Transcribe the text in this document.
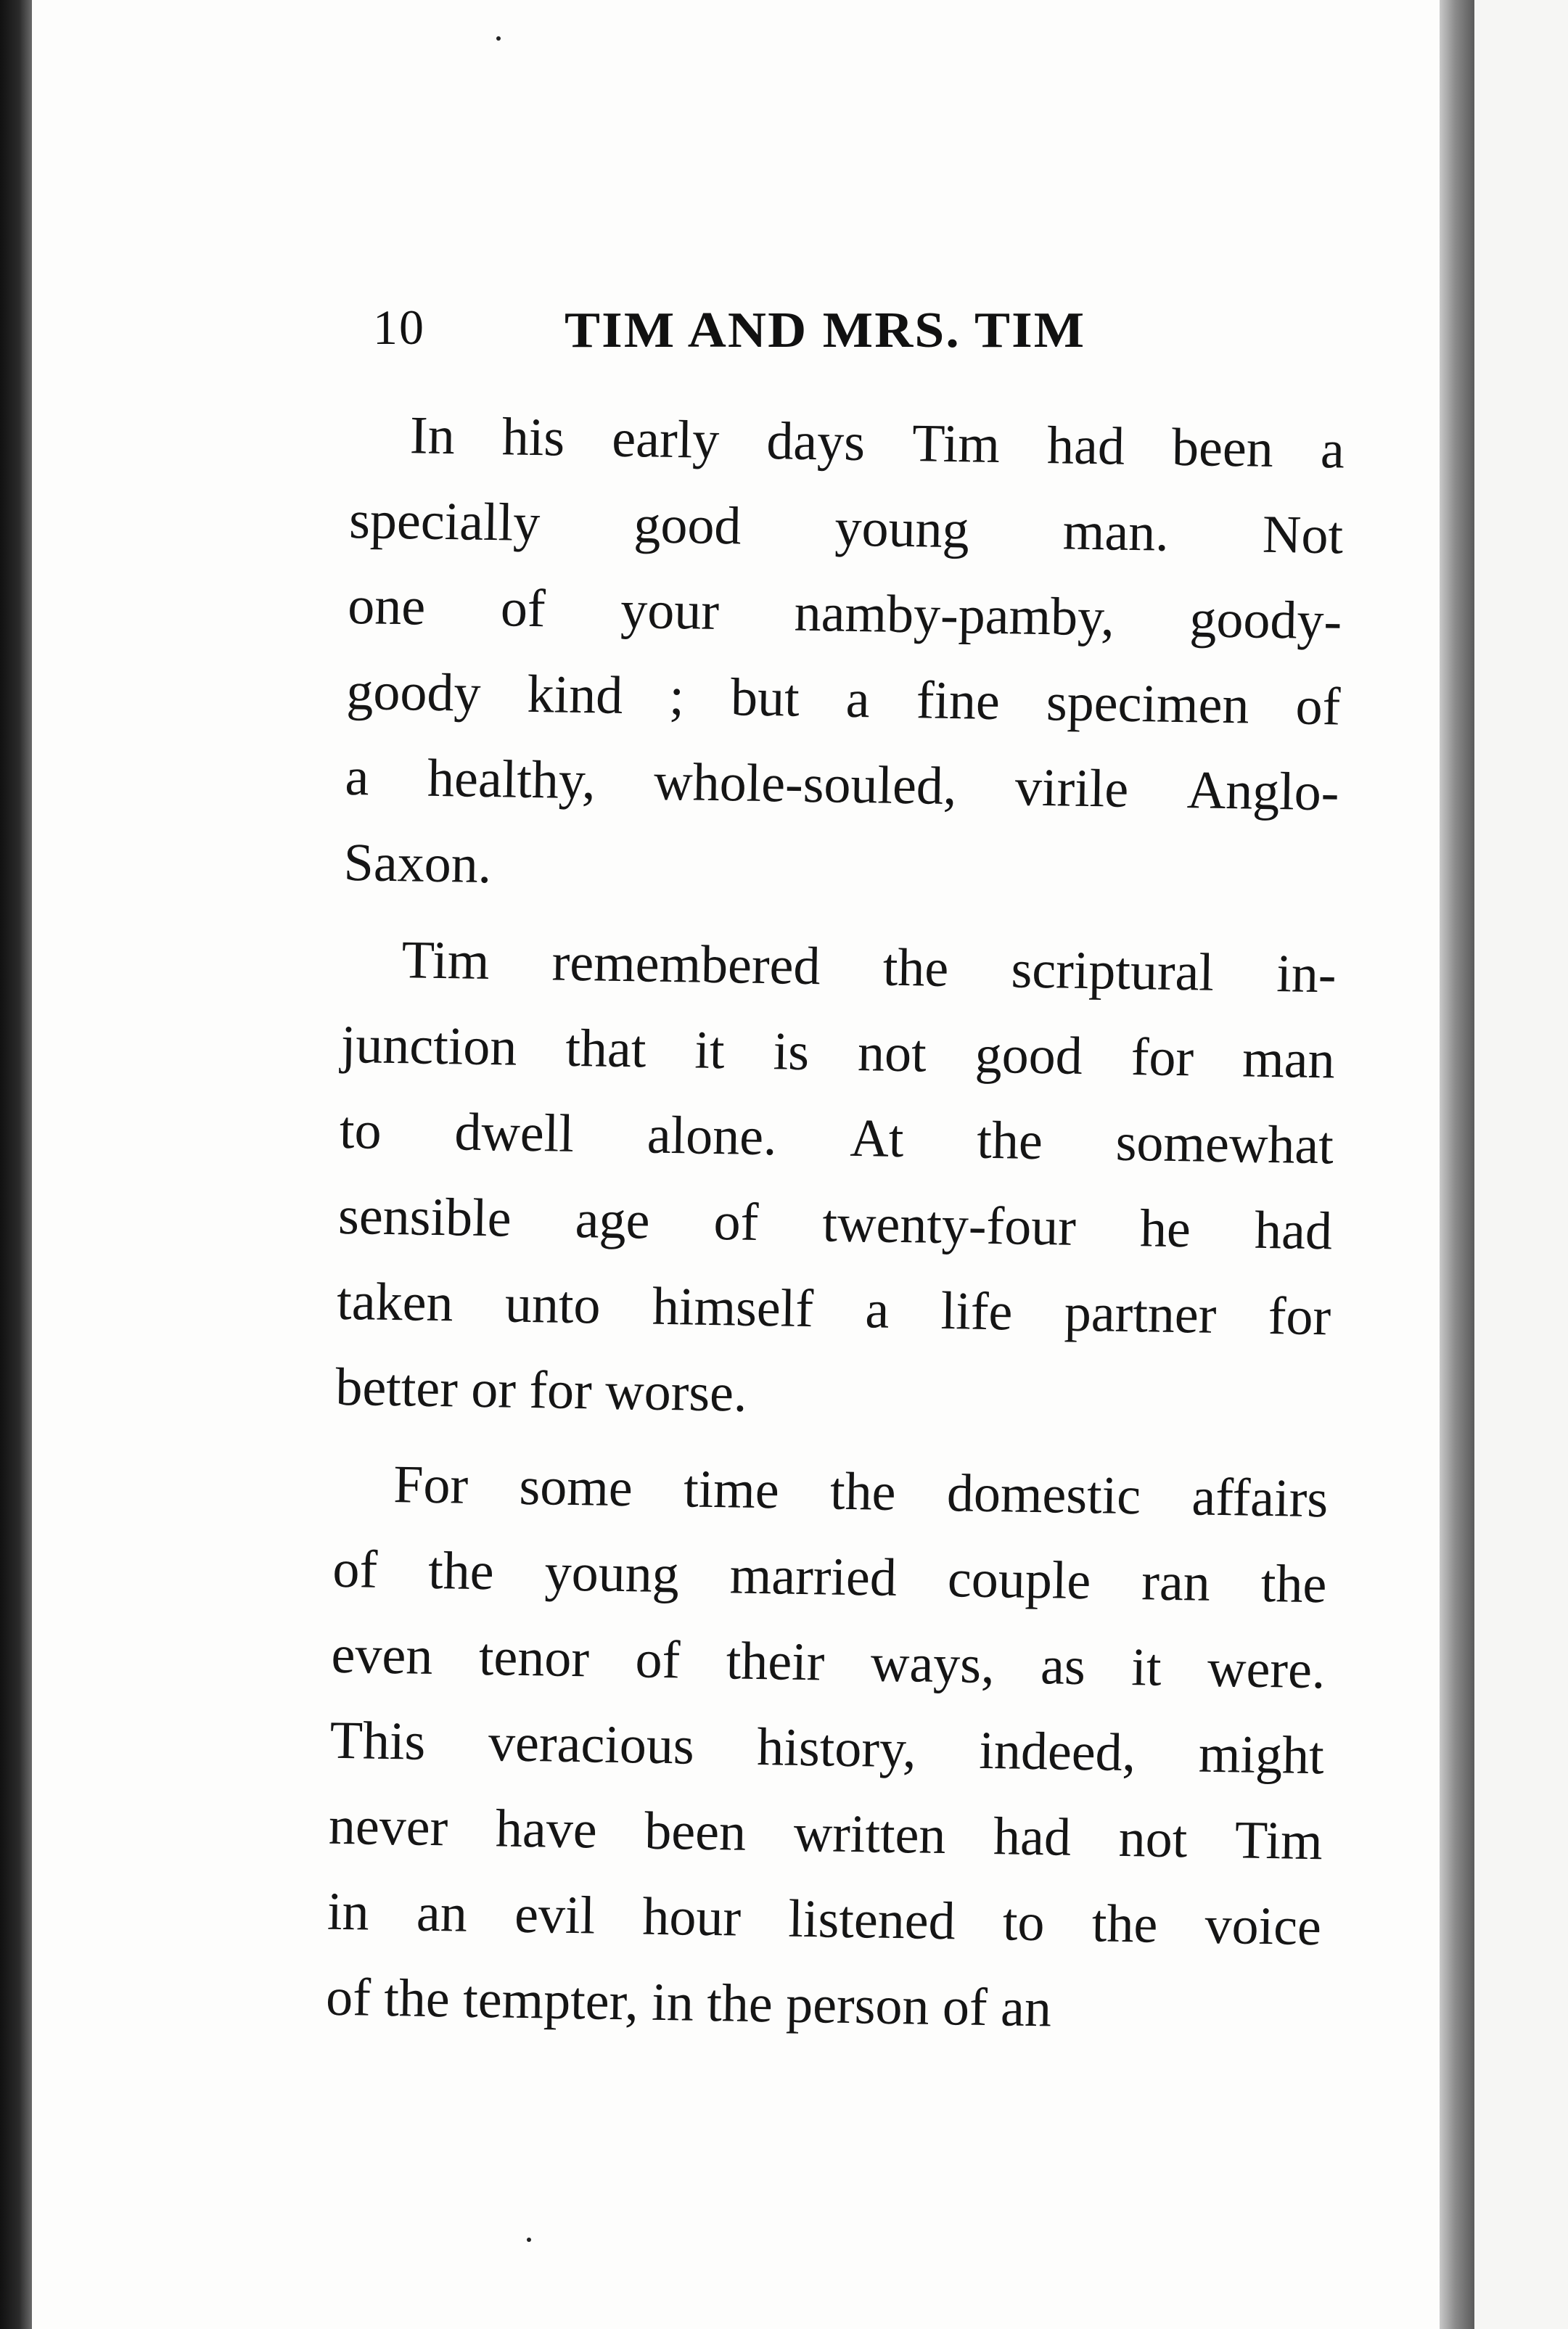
10	TIM AND MRS. TIM
In his early days Tim had been a
specially good young man. Not
one of your namby-pamby, goody-
goody kind ; but a fine specimen of
a healthy, whole-souled, virile Anglo-
Saxon.
Tim remembered the scriptural in-
junction that it is not good for man
to dwell alone. At the somewhat
sensible age of twenty-four he had
taken unto himself a life partner for
better or for worse.
For some time the domestic affairs
of the young married couple ran the
even tenor of their ways, as it were.
This veracious history, indeed, might
never have been written had not Tim
in an evil hour listened to the voice
of the tempter, in the person of an
